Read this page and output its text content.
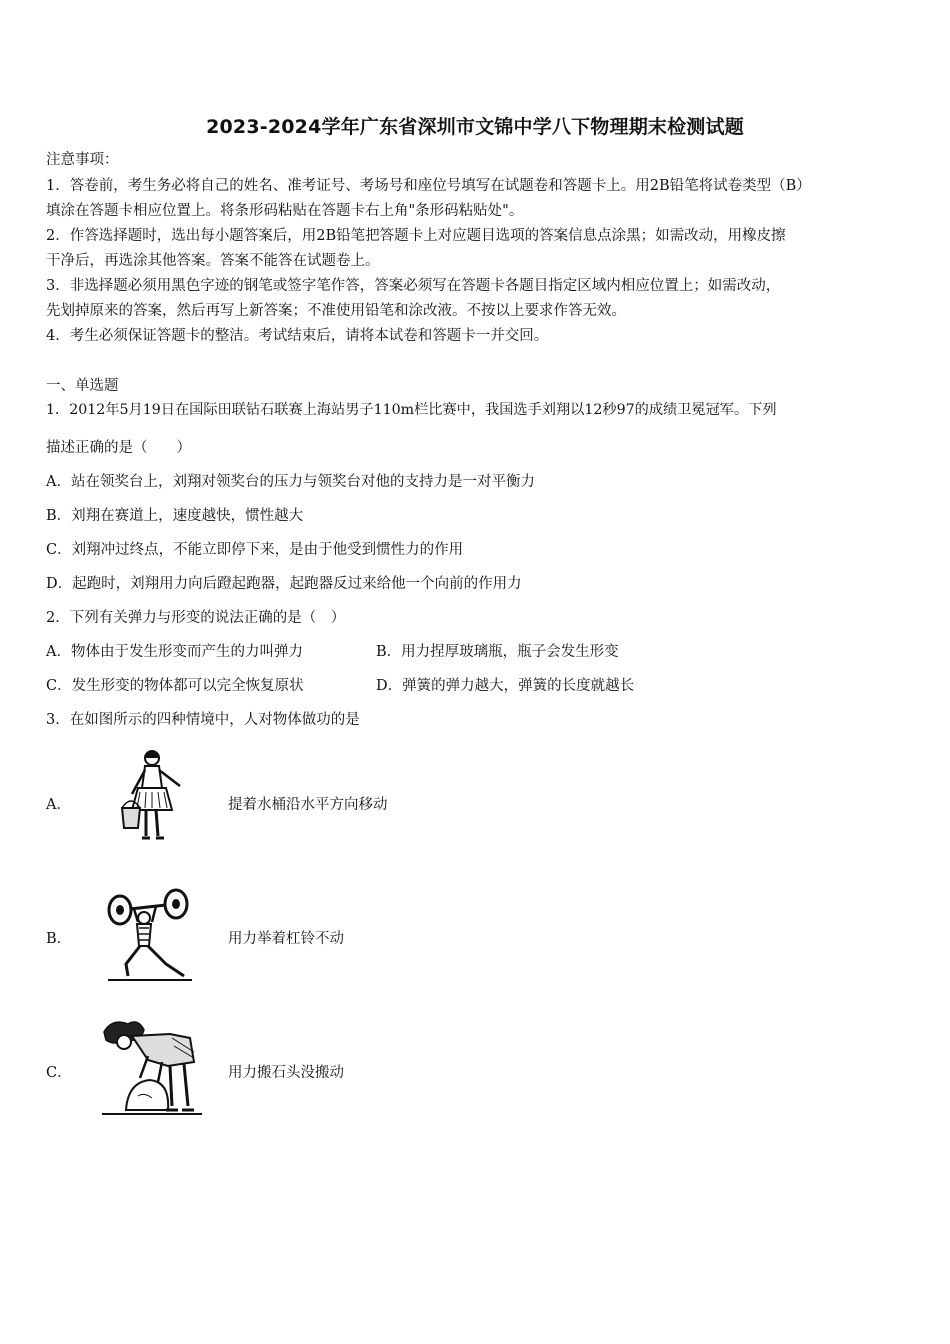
2023-2024学年广东省深圳市文锦中学八下物理期末检测试题
注意事项：
1．答卷前，考生务必将自己的姓名、准考证号、考场号和座位号填写在试题卷和答题卡上。用2B铅笔将试卷类型（B）
填涂在答题卡相应位置上。将条形码粘贴在答题卡右上角"条形码粘贴处"。
2．作答选择题时，选出每小题答案后，用2B铅笔把答题卡上对应题目选项的答案信息点涂黑；如需改动，用橡皮擦
干净后，再选涂其他答案。答案不能答在试题卷上。
3．非选择题必须用黑色字迹的钢笔或签字笔作答，答案必须写在答题卡各题目指定区域内相应位置上；如需改动，
先划掉原来的答案，然后再写上新答案；不准使用铅笔和涂改液。不按以上要求作答无效。
4．考生必须保证答题卡的整洁。考试结束后，请将本试卷和答题卡一并交回。
一、单选题
1．2012年5月19日在国际田联钻石联赛上海站男子110m栏比赛中，我国选手刘翔以12秒97的成绩卫冕冠军。下列
描述正确的是（　　）
A．站在领奖台上，刘翔对领奖台的压力与领奖台对他的支持力是一对平衡力
B．刘翔在赛道上，速度越快，惯性越大
C．刘翔冲过终点，不能立即停下来，是由于他受到惯性力的作用
D．起跑时，刘翔用力向后蹬起跑器，起跑器反过来给他一个向前的作用力
2．下列有关弹力与形变的说法正确的是（　）
A．物体由于发生形变而产生的力叫弹力	B．用力捏厚玻璃瓶，瓶子会发生形变
C．发生形变的物体都可以完全恢复原状	D．弹簧的弹力越大，弹簧的长度就越长
3．在如图所示的四种情境中，人对物体做功的是
A．	提着水桶沿水平方向移动
B．	用力举着杠铃不动
C．	用力搬石头没搬动
